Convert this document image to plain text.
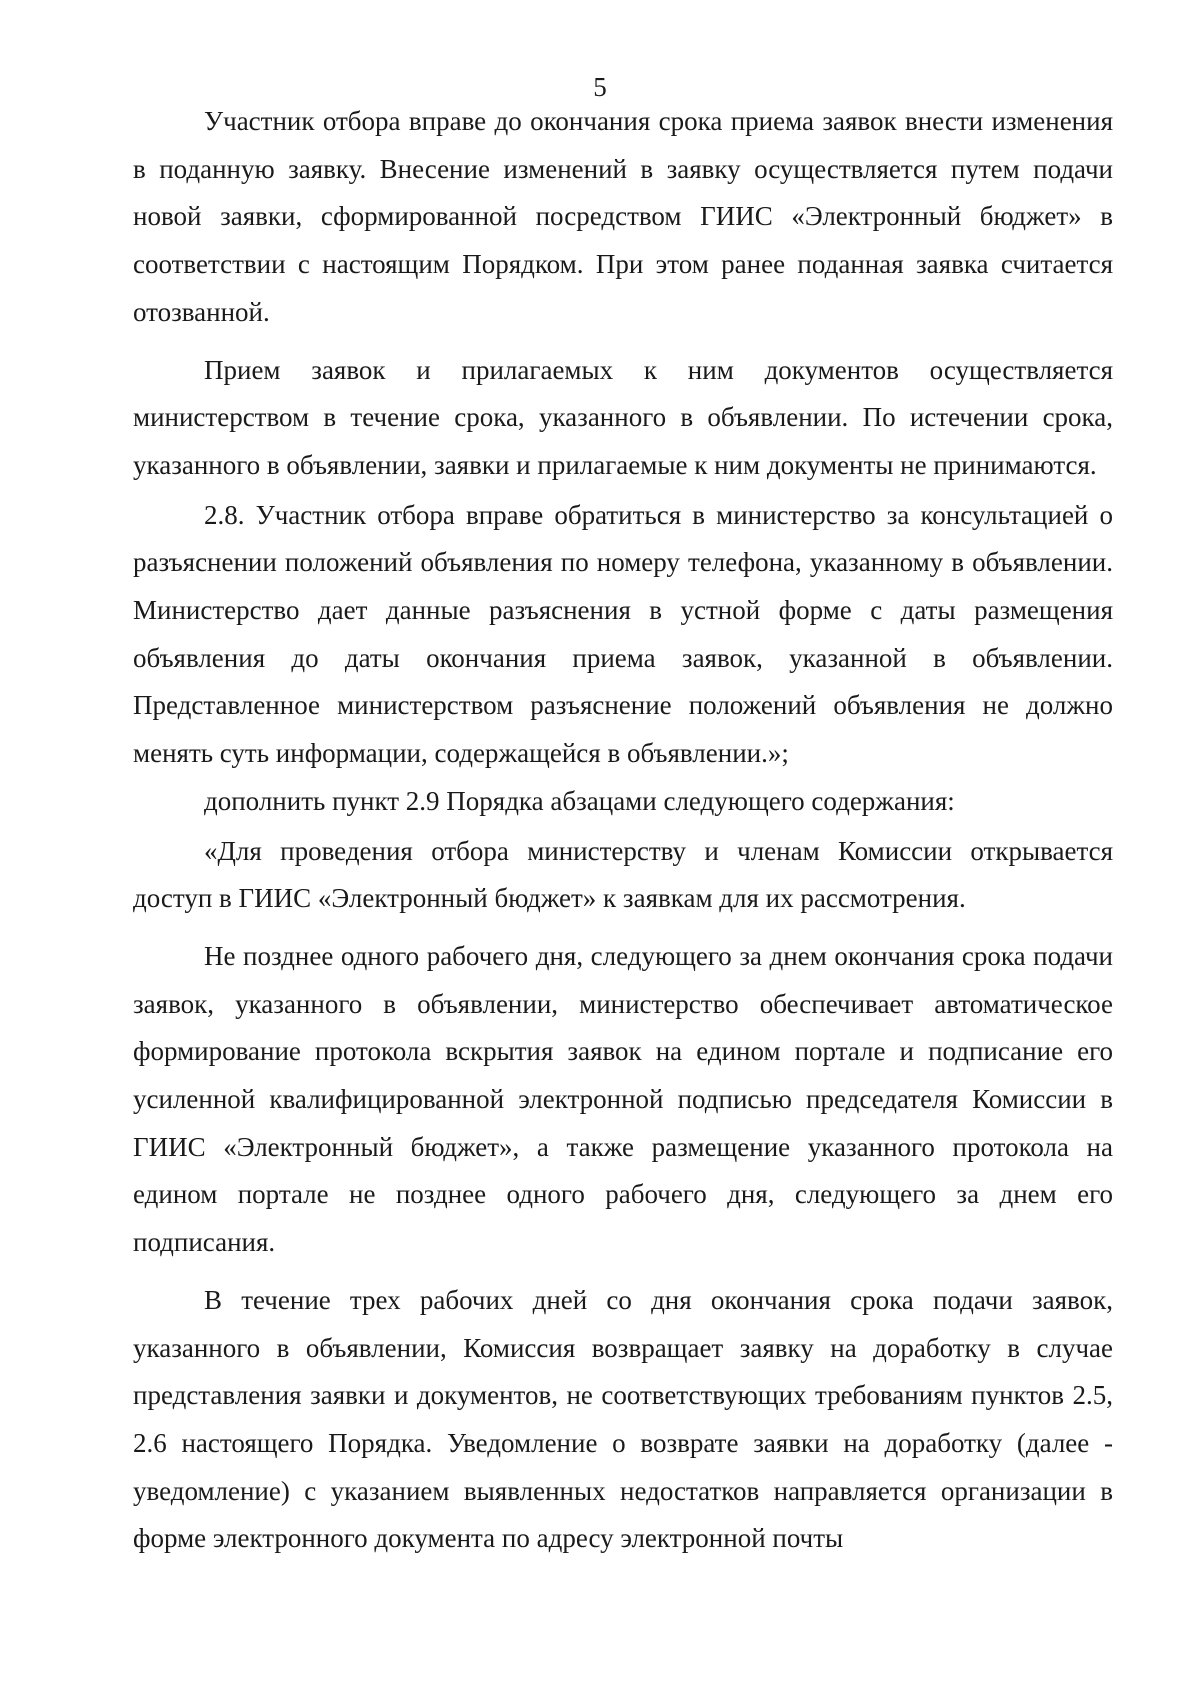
5

Участник отбора вправе до окончания срока приема заявок внести изменения в поданную заявку. Внесение изменений в заявку осуществляется путем подачи новой заявки, сформированной посредством ГИИС «Электронный бюджет» в соответствии с настоящим Порядком. При этом ранее поданная заявка считается отозванной.

Прием заявок и прилагаемых к ним документов осуществляется министерством в течение срока, указанного в объявлении. По истечении срока, указанного в объявлении, заявки и прилагаемые к ним документы не принимаются.

2.8. Участник отбора вправе обратиться в министерство за консультацией о разъяснении положений объявления по номеру телефона, указанному в объявлении. Министерство дает данные разъяснения в устной форме с даты размещения объявления до даты окончания приема заявок, указанной в объявлении. Представленное министерством разъяснение положений объявления не должно менять суть информации, содержащейся в объявлении.»;

дополнить пункт 2.9 Порядка абзацами следующего содержания:

«Для проведения отбора министерству и членам Комиссии открывается доступ в ГИИС «Электронный бюджет» к заявкам для их рассмотрения.

Не позднее одного рабочего дня, следующего за днем окончания срока подачи заявок, указанного в объявлении, министерство обеспечивает автоматическое формирование протокола вскрытия заявок на едином портале и подписание его усиленной квалифицированной электронной подписью председателя Комиссии в ГИИС «Электронный бюджет», а также размещение указанного протокола на едином портале не позднее одного рабочего дня, следующего за днем его подписания.

В течение трех рабочих дней со дня окончания срока подачи заявок, указанного в объявлении, Комиссия возвращает заявку на доработку в случае представления заявки и документов, не соответствующих требованиям пунктов 2.5, 2.6 настоящего Порядка. Уведомление о возврате заявки на доработку (далее - уведомление) с указанием выявленных недостатков направляется организации в форме электронного документа по адресу электронной почты
